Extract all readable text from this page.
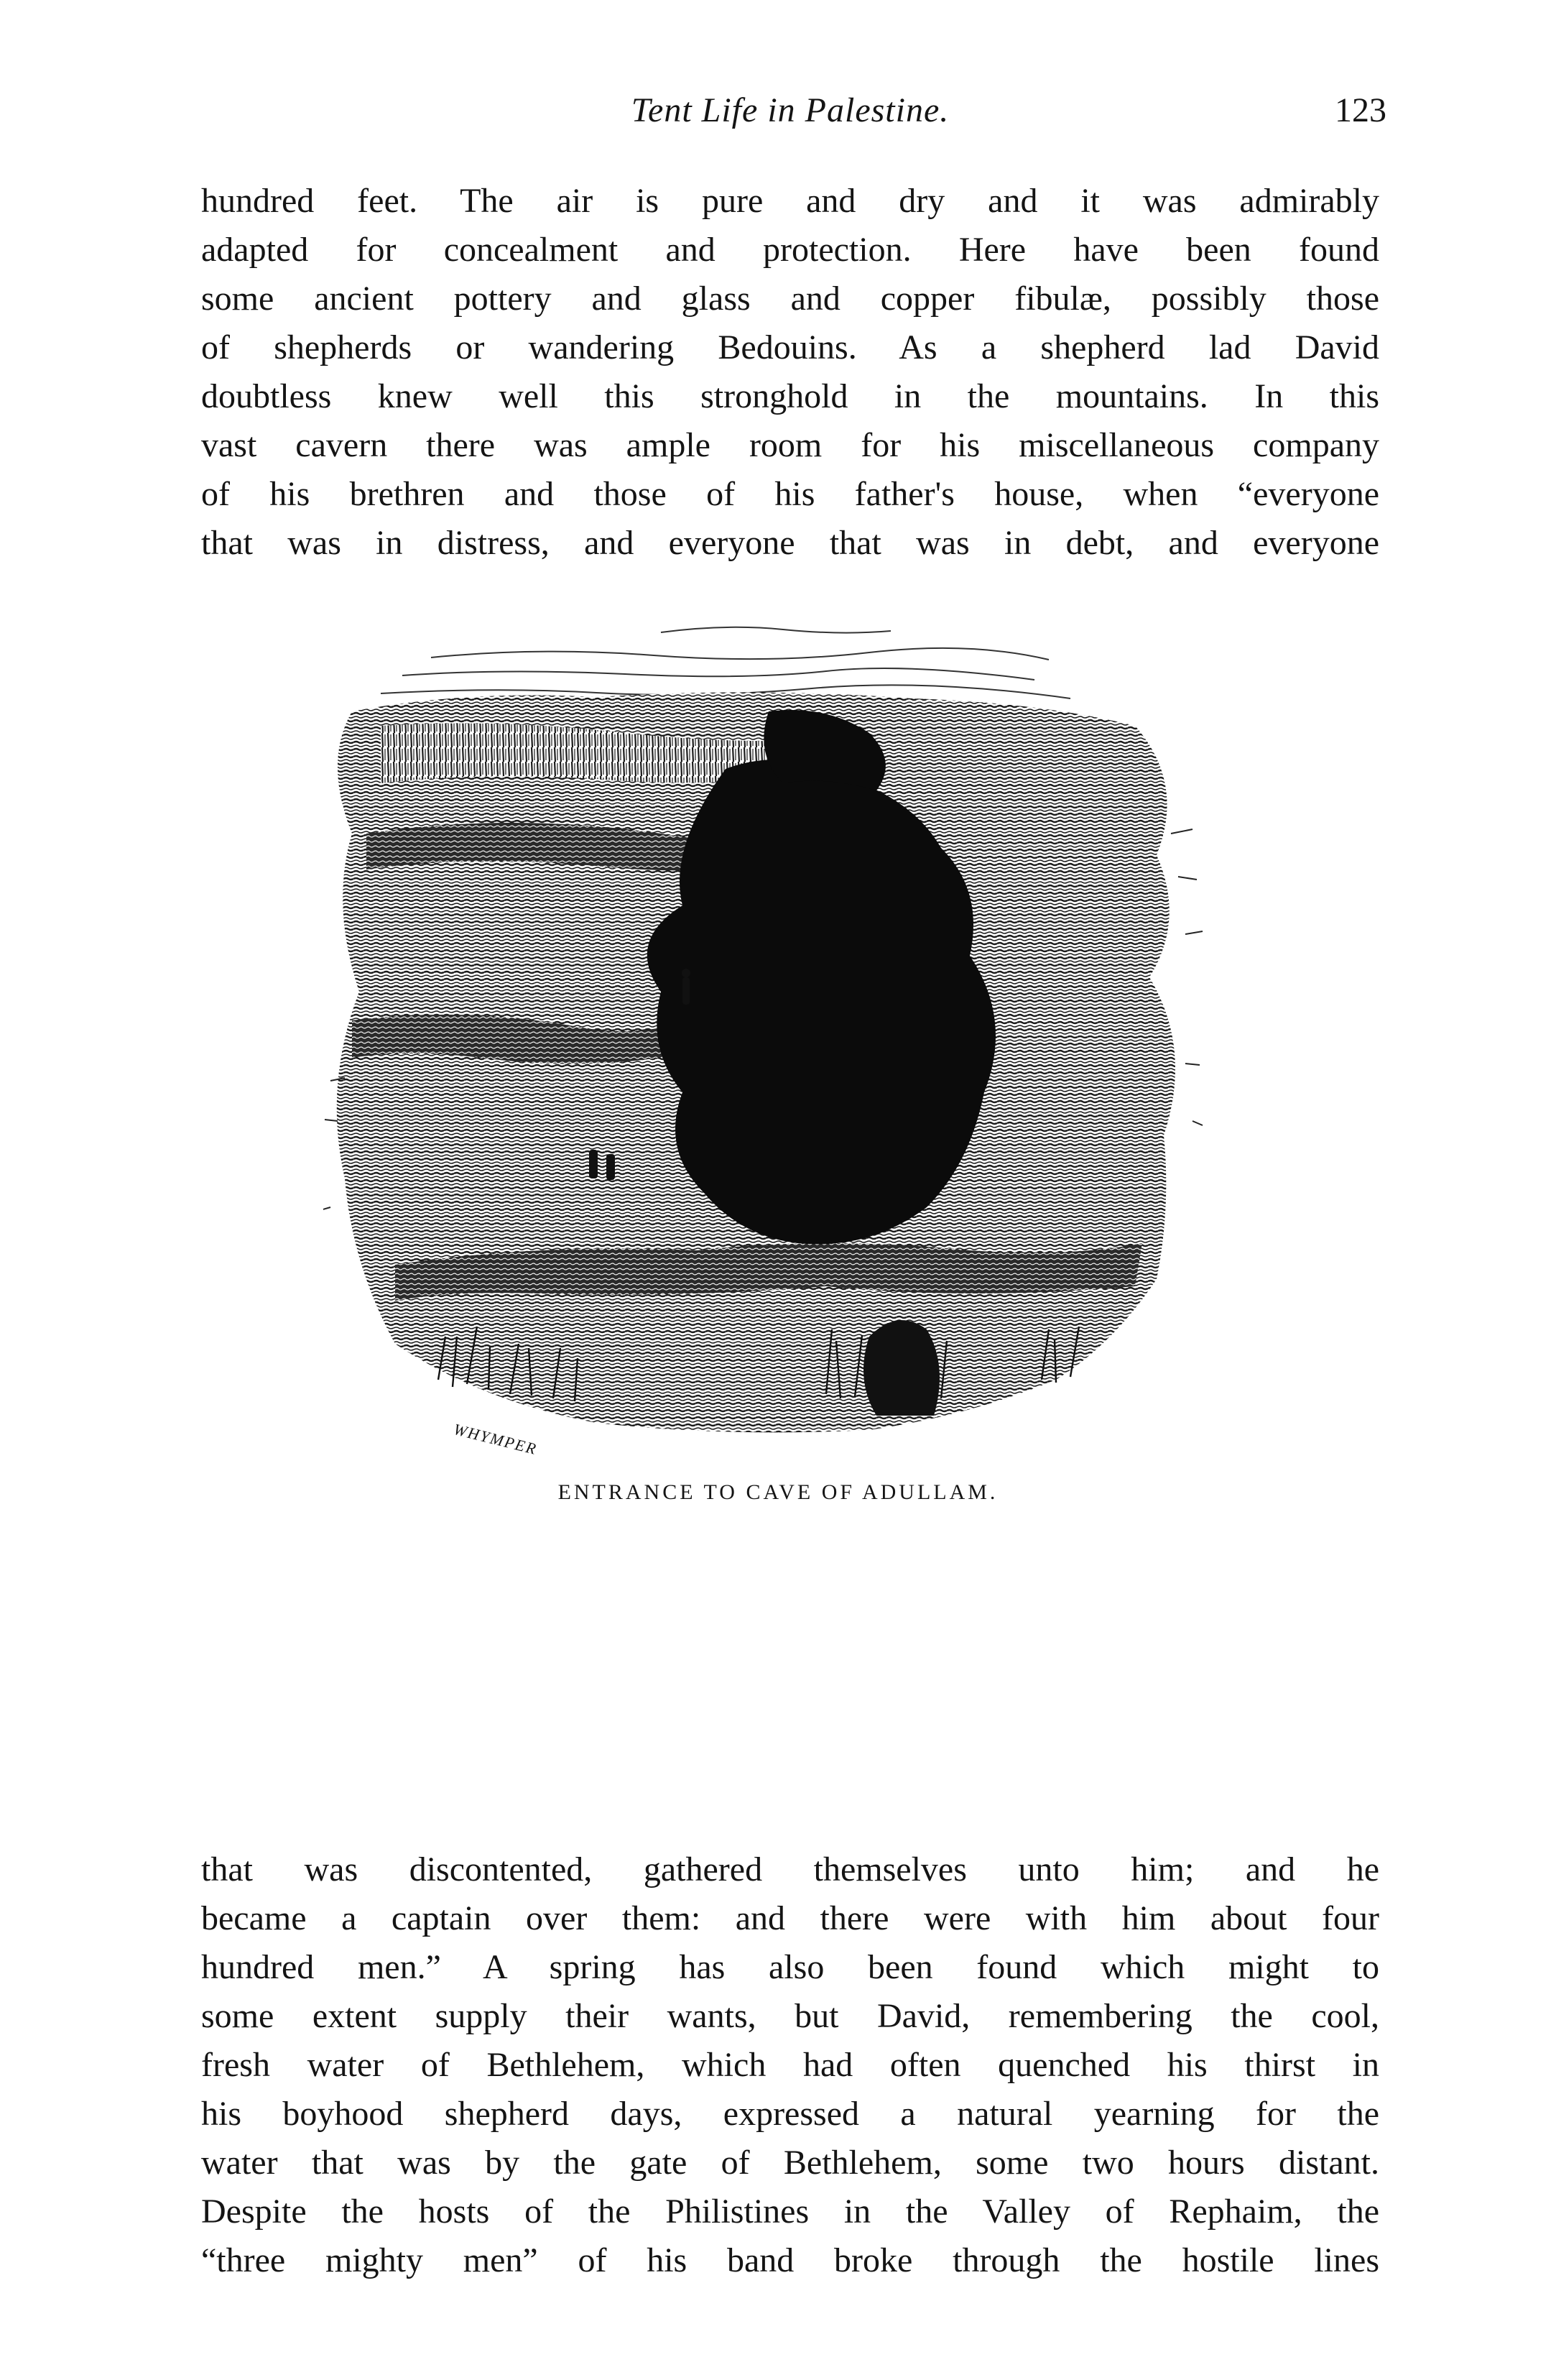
Tent Life in Palestine.	123
hundred feet. The air is pure and dry and it was admirably
adapted for concealment and protection. Here have been found
some ancient pottery and glass and copper fibulæ, possibly those
of shepherds or wandering Bedouins. As a shepherd lad David
doubtless knew well this stronghold in the mountains. In this
vast cavern there was ample room for his miscellaneous company
of his brethren and those of his father's house, when “everyone
that was in distress, and everyone that was in debt, and everyone
WHYMPER
ENTRANCE TO CAVE OF ADULLAM.
that was discontented, gathered themselves unto him; and he
became a captain over them: and there were with him about four
hundred men.” A spring has also been found which might to
some extent supply their wants, but David, remembering the cool,
fresh water of Bethlehem, which had often quenched his thirst in
his boyhood shepherd days, expressed a natural yearning for the
water that was by the gate of Bethlehem, some two hours distant.
Despite the hosts of the Philistines in the Valley of Rephaim, the
“three mighty men” of his band broke through the hostile lines
